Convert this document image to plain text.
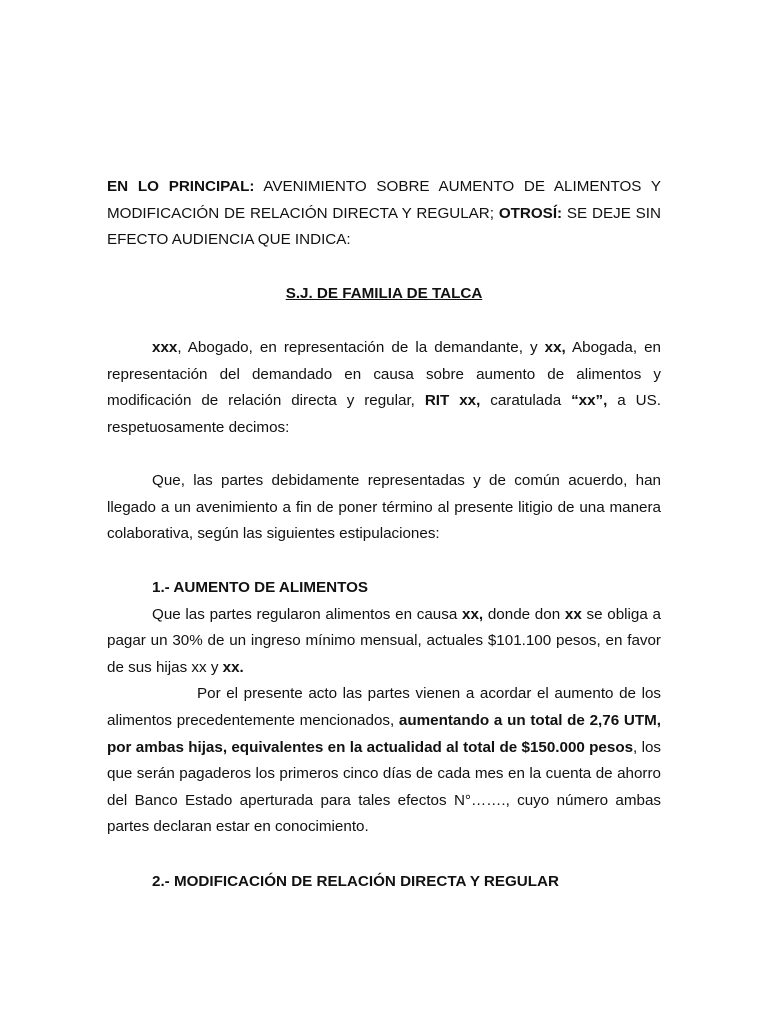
EN LO PRINCIPAL: AVENIMIENTO SOBRE AUMENTO DE ALIMENTOS Y MODIFICACIÓN DE RELACIÓN DIRECTA Y REGULAR; OTROSÍ: SE DEJE SIN EFECTO AUDIENCIA QUE INDICA:

S.J. DE FAMILIA DE TALCA

xxx, Abogado, en representación de la demandante, y xx, Abogada, en representación del demandado en causa sobre aumento de alimentos y modificación de relación directa y regular, RIT xx, caratulada “xx”, a US. respetuosamente decimos:

Que, las partes debidamente representadas y de común acuerdo, han llegado a un avenimiento a fin de poner término al presente litigio de una manera colaborativa, según las siguientes estipulaciones:

1.- AUMENTO DE ALIMENTOS

Que las partes regularon alimentos en causa xx, donde don xx se obliga a pagar un 30% de un ingreso mínimo mensual, actuales $101.100 pesos, en favor de sus hijas xx y xx.

Por el presente acto las partes vienen a acordar el aumento de los alimentos precedentemente mencionados, aumentando a un total de 2,76 UTM, por ambas hijas, equivalentes en la actualidad al total de $150.000 pesos, los que serán pagaderos los primeros cinco días de cada mes en la cuenta de ahorro del Banco Estado aperturada para tales efectos N°……., cuyo número ambas partes declaran estar en conocimiento.

2.- MODIFICACIÓN DE RELACIÓN DIRECTA Y REGULAR
